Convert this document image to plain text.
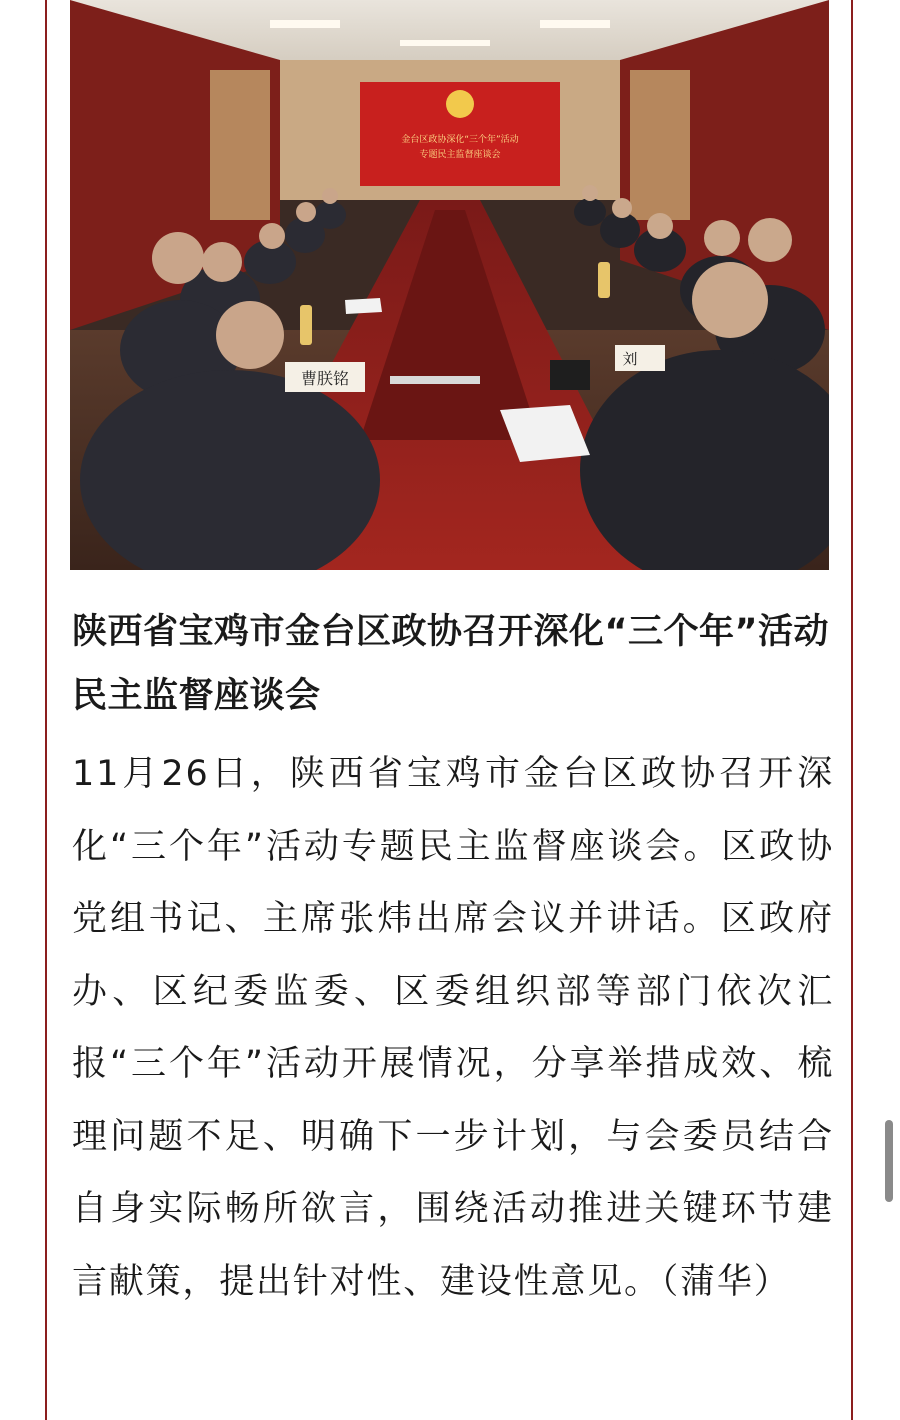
金台区政协深化“三个年”活动
专题民主监督座谈会
曹朕铭
刘
陕西省宝鸡市金台区政协召开深化“三个年”活动民主监督座谈会

11月26日，陕西省宝鸡市金台区政协召开深化“三个年”活动专题民主监督座谈会。区政协党组书记、主席张炜出席会议并讲话。区政府办、区纪委监委、区委组织部等部门依次汇报“三个年”活动开展情况，分享举措成效、梳理问题不足、明确下一步计划，与会委员结合自身实际畅所欲言，围绕活动推进关键环节建言献策，提出针对性、建设性意见。（蒲华）
